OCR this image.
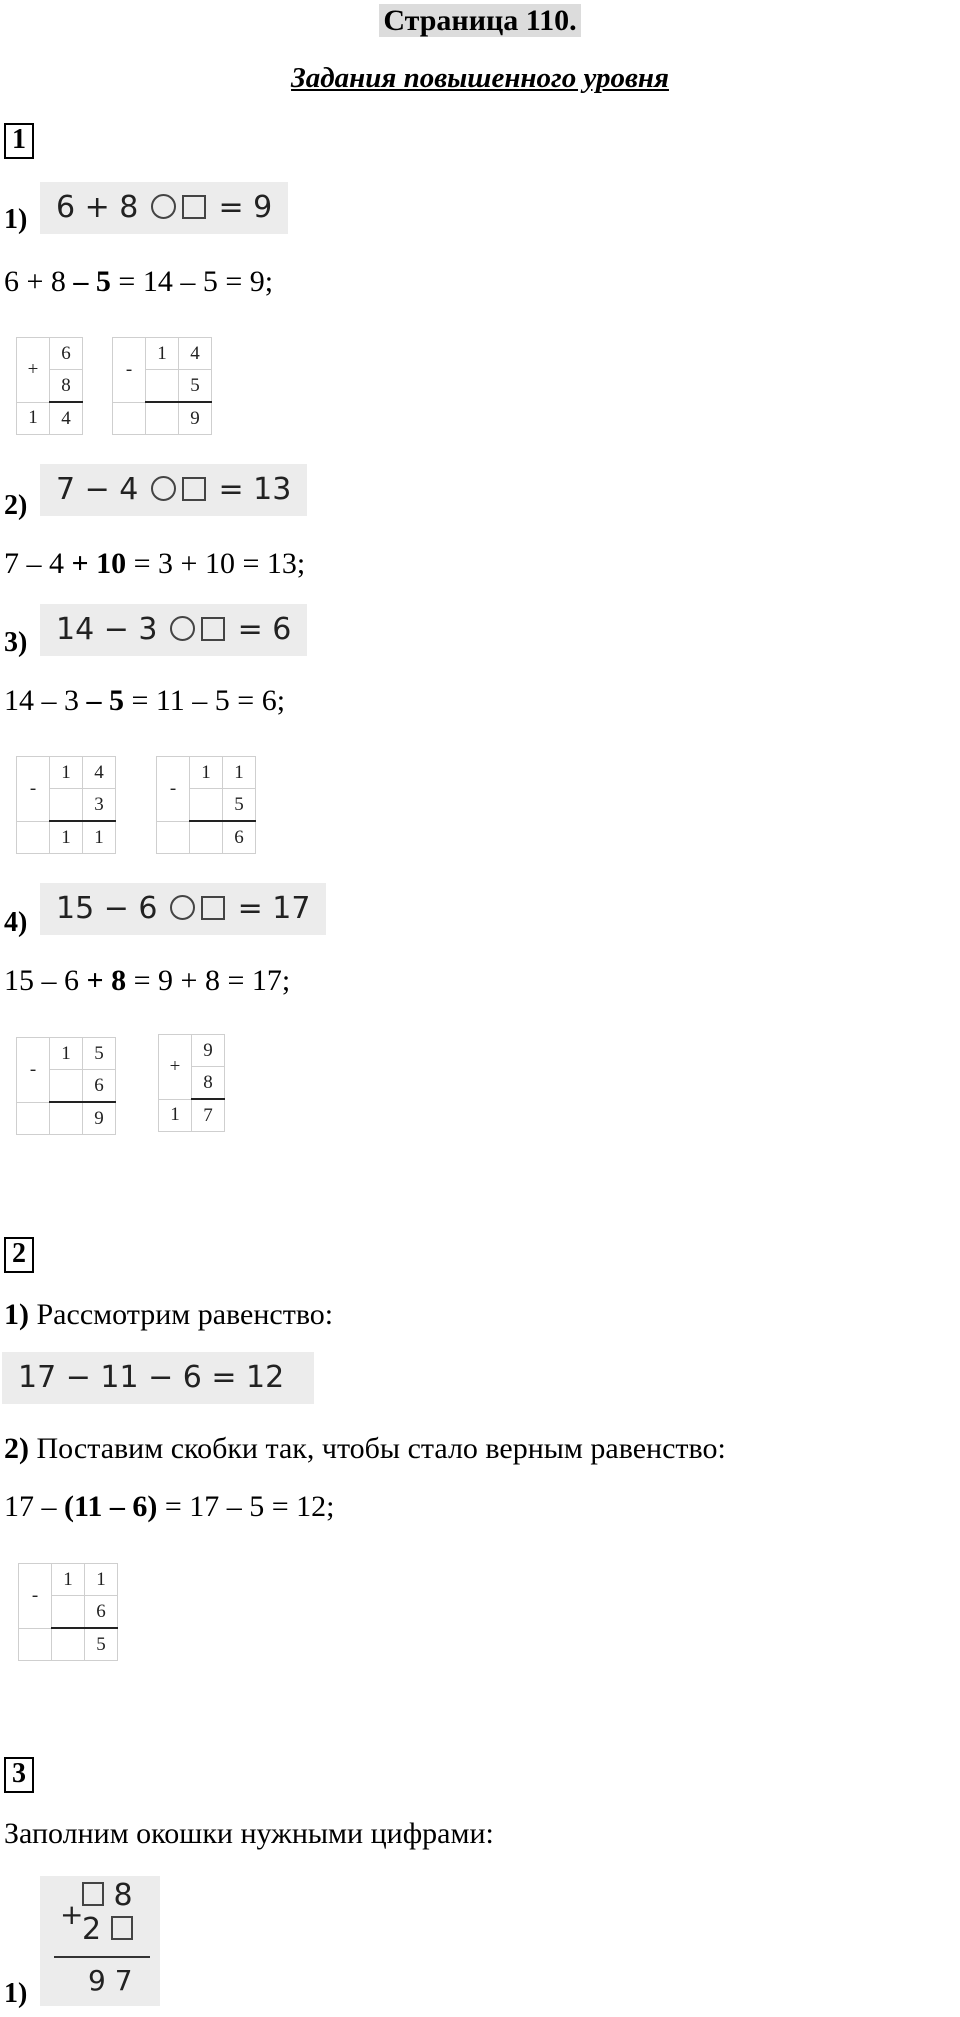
Страница 110.
Задания повышенного уровня
1
1) 6 + 8	= 9
6 + 8 – 5 = 14 – 5 = 9;
+	6
	8
1	4
-	1	4
		5
		9
2) 7 − 4	= 13
7 – 4 + 10 = 3 + 10 = 13;
3) 14 − 3	= 6
14 – 3 – 5 = 11 – 5 = 6;
-	1	4
		3
	1	1
-	1	1
		5
		6
4) 15 − 6	= 17
15 – 6 + 8 = 9 + 8 = 17;
-	1	5
		6
		9
+	9
	8
1	7
2
1) Рассмотрим равенство:
17 − 11 − 6 = 12
2) Поставим скобки так, чтобы стало верным равенство:
17 – (11 – 6) = 17 – 5 = 12;
-	1	1
		6
		5
3
Заполним окошки нужными цифрами:
+
8
2
9 7
1)
